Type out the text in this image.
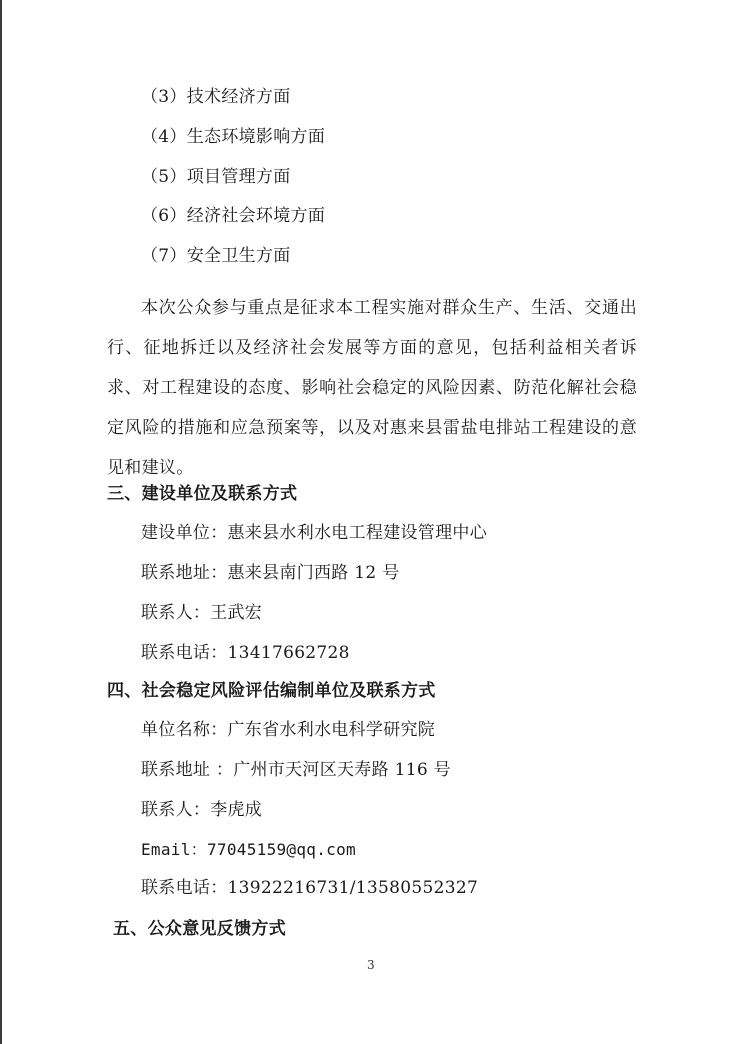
（3）技术经济方面
（4）生态环境影响方面
（5）项目管理方面
（6）经济社会环境方面
（7）安全卫生方面
本次公众参与重点是征求本工程实施对群众生产、生活、交通出行、征地拆迁以及经济社会发展等方面的意见，包括利益相关者诉求、对工程建设的态度、影响社会稳定的风险因素、防范化解社会稳定风险的措施和应急预案等，以及对惠来县雷盐电排站工程建设的意见和建议。
三、建设单位及联系方式
建设单位：惠来县水利水电工程建设管理中心
联系地址：惠来县南门西路 12 号
联系人：王武宏
联系电话：13417662728
四、社会稳定风险评估编制单位及联系方式
单位名称：广东省水利水电科学研究院
联系地址 ：广州市天河区天寿路 116 号
联系人：李虎成
Email：77045159@qq.com
联系电话：13922216731/13580552327
五、公众意见反馈方式
3
